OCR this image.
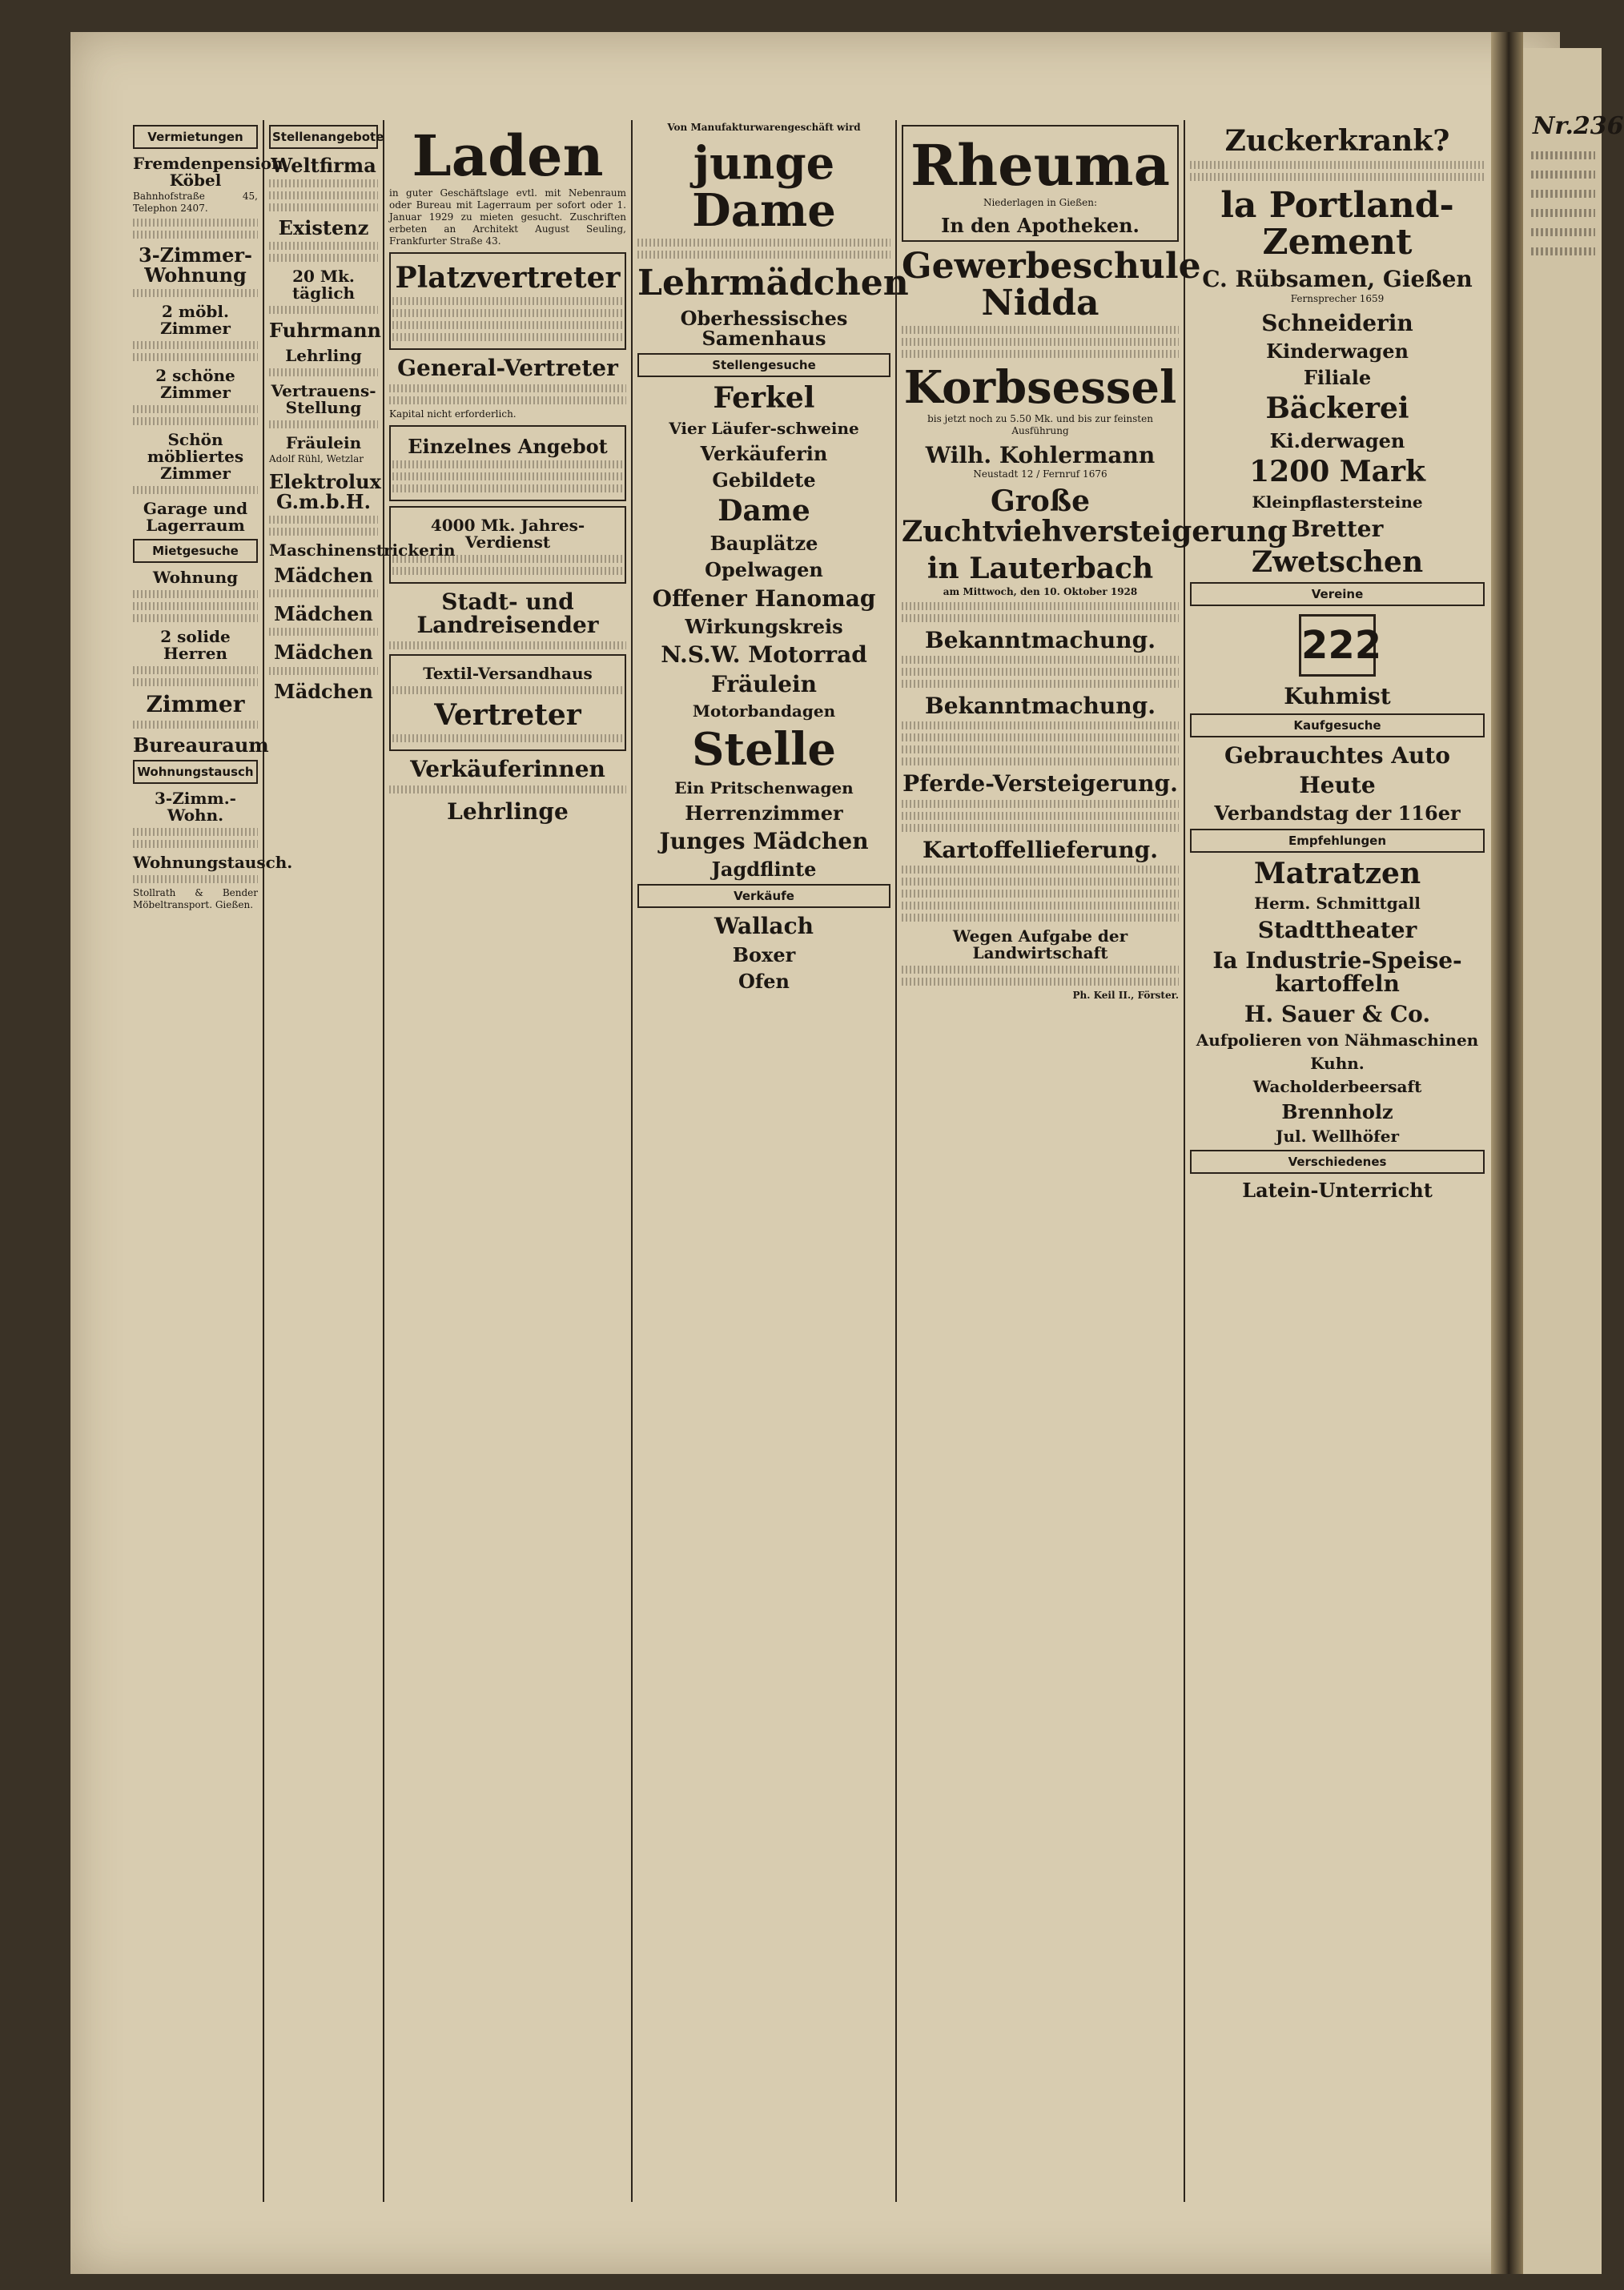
Nr.236
Vermietungen
Fremdenpension Köbel
Bahnhofstraße 45, Telephon 2407.
3-Zimmer-Wohnung
2 möbl. Zimmer
2 schöne Zimmer
Schön möbliertes Zimmer
Garage und Lagerraum
Mietgesuche
Wohnung
2 solide Herren
Zimmer
Bureauraum
Wohnungstausch
3-Zimm.-Wohn.
Wohnungstausch.
Stollrath & Bender Möbeltransport. Gießen.
Stellenangebote
Weltfirma
Existenz
20 Mk. täglich
Fuhrmann
Lehrling
Vertrauens-Stellung
Fräulein
Adolf Rühl, Wetzlar
Elektrolux G.m.b.H.
Maschinenstrickerin
Mädchen
Mädchen
Mädchen
Mädchen
Laden
in guter Geschäftslage evtl. mit Nebenraum oder Bureau mit Lagerraum per sofort oder 1. Januar 1929 zu mieten gesucht. Zuschriften erbeten an Architekt August Seuling, Frankfurter Straße 43.
Platzvertreter
General-Vertreter
Kapital nicht erforderlich.
Einzelnes Angebot
4000 Mk. Jahres-Verdienst
Stadt- und Landreisender
Textil-Versandhaus
Vertreter
Verkäuferinnen
Lehrlinge
Von Manufakturwarengeschäft wird
junge Dame
Lehrmädchen
Oberhessisches Samenhaus
Stellengesuche
Ferkel
Vier Läufer-schweine
Verkäuferin
Gebildete
Dame
Bauplätze
Opelwagen
Offener Hanomag
Wirkungskreis
N.S.W. Motorrad
Fräulein
Motorbandagen
Stelle
Ein Pritschenwagen
Herrenzimmer
Junges Mädchen
Jagdflinte
Verkäufe
Wallach
Boxer
Ofen
Rheuma
Niederlagen in Gießen:
In den Apotheken.
Gewerbeschule Nidda
Korbsessel
bis jetzt noch zu 5.50 Mk. und bis zur feinsten Ausführung
Wilh. Kohlermann
Neustadt 12 / Fernruf 1676
Große Zuchtviehversteigerung
in Lauterbach
am Mittwoch, den 10. Oktober 1928
Bekanntmachung.
Bekanntmachung.
Pferde-Versteigerung.
Kartoffellieferung.
Wegen Aufgabe der Landwirtschaft
Ph. Keil II., Förster.
Zuckerkrank?
la Portland-Zement
C. Rübsamen, Gießen
Fernsprecher 1659
Schneiderin
Kinderwagen
Filiale
Bäckerei
Ki.derwagen
1200 Mark
Kleinpflastersteine
Bretter
Zwetschen
Vereine
222
Kuhmist
Kaufgesuche
Gebrauchtes Auto
Heute
Verbandstag der 116er
Empfehlungen
Matratzen
Herm. Schmittgall
Stadttheater
Ia Industrie-Speise-kartoffeln
H. Sauer & Co.
Aufpolieren von Nähmaschinen
Kuhn.
Wacholderbeersaft
Brennholz
Jul. Wellhöfer
Verschiedenes
Latein-Unterricht
